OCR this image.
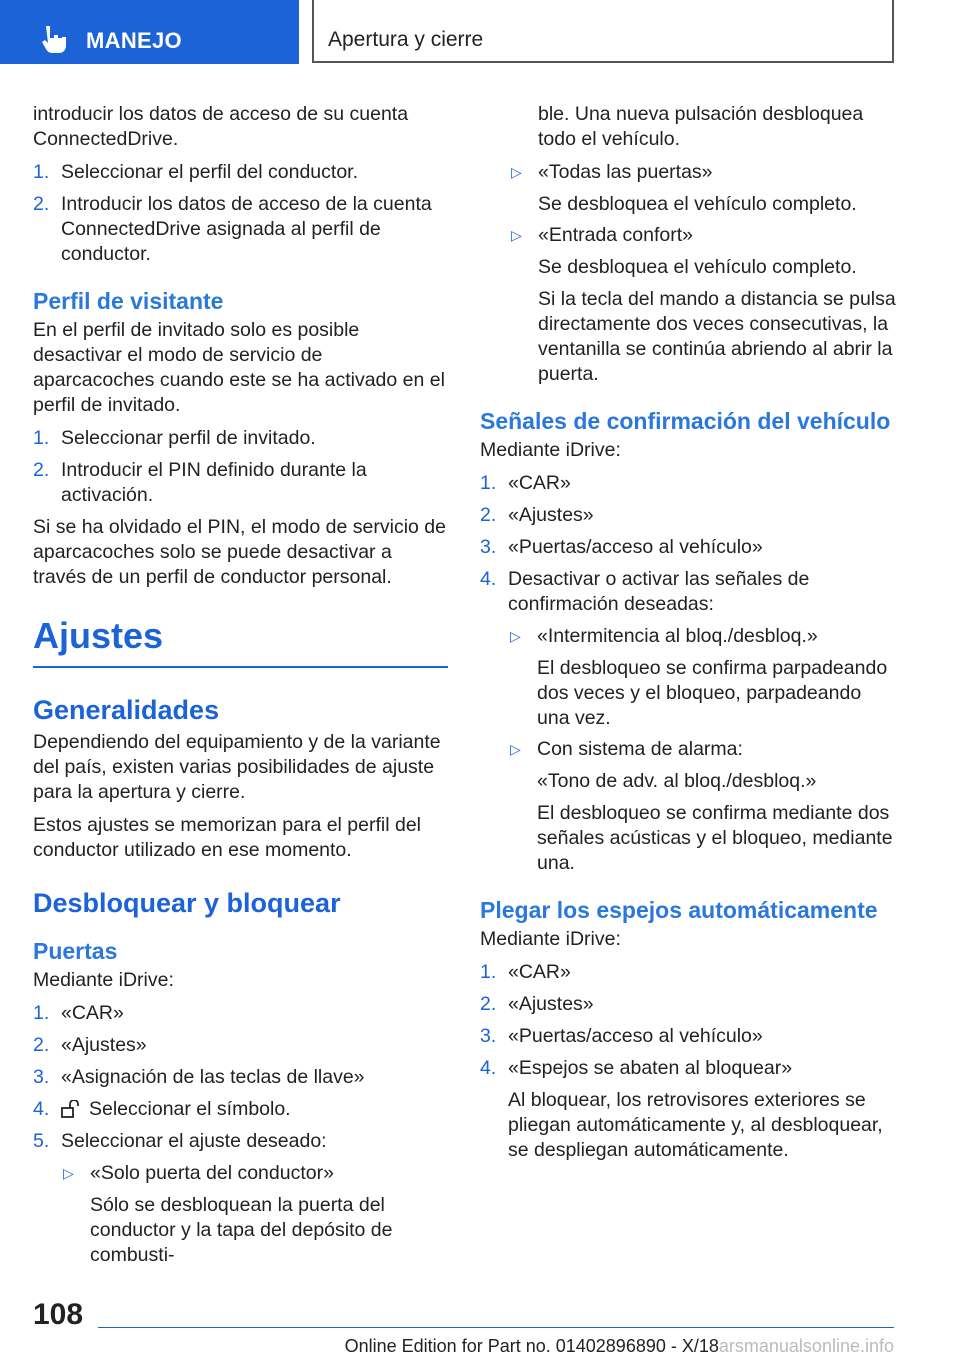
MANEJO	Apertura y cierre

introducir los datos de acceso de su cuenta ConnectedDrive.

1. Seleccionar el perfil del conductor.
2. Introducir los datos de acceso de la cuenta ConnectedDrive asignada al perfil de conductor.
Perfil de visitante

En el perfil de invitado solo es posible desactivar el modo de servicio de aparcacoches cuando este se ha activado en el perfil de invitado.

1. Seleccionar perfil de invitado.
2. Introducir el PIN definido durante la activación.

Si se ha olvidado el PIN, el modo de servicio de aparcacoches solo se puede desactivar a través de un perfil de conductor personal.

Ajustes
Generalidades

Dependiendo del equipamiento y de la variante del país, existen varias posibilidades de ajuste para la apertura y cierre.

Estos ajustes se memorizan para el perfil del conductor utilizado en ese momento.

Desbloquear y bloquear
Puertas

Mediante iDrive:

1. «CAR»
2. «Ajustes»
3. «Asignación de las teclas de llave»
4. Seleccionar el símbolo.
5. Seleccionar el ajuste deseado:
▷ «Solo puerta del conductor»
Sólo se desbloquean la puerta del conductor y la tapa del depósito de combusti-

ble. Una nueva pulsación desbloquea todo el vehículo.

▷ «Todas las puertas»
Se desbloquea el vehículo completo.
▷ «Entrada confort»
Se desbloquea el vehículo completo.
Si la tecla del mando a distancia se pulsa directamente dos veces consecutivas, la ventanilla se continúa abriendo al abrir la puerta.
Señales de confirmación del vehículo

Mediante iDrive:

1. «CAR»
2. «Ajustes»
3. «Puertas/acceso al vehículo»
4. Desactivar o activar las señales de confirmación deseadas:
▷ «Intermitencia al bloq./desbloq.»
El desbloqueo se confirma parpadeando dos veces y el bloqueo, parpadeando una vez.
▷ Con sistema de alarma:
«Tono de adv. al bloq./desbloq.»
El desbloqueo se confirma mediante dos señales acústicas y el bloqueo, mediante una.
Plegar los espejos automáticamente

Mediante iDrive:

1. «CAR»
2. «Ajustes»
3. «Puertas/acceso al vehículo»
4. «Espejos se abaten al bloquear»
Al bloquear, los retrovisores exteriores se pliegan automáticamente y, al desbloquear, se despliegan automáticamente.
108
Online Edition for Part no. 01402896890 - X/18arsmanualsonline.info
